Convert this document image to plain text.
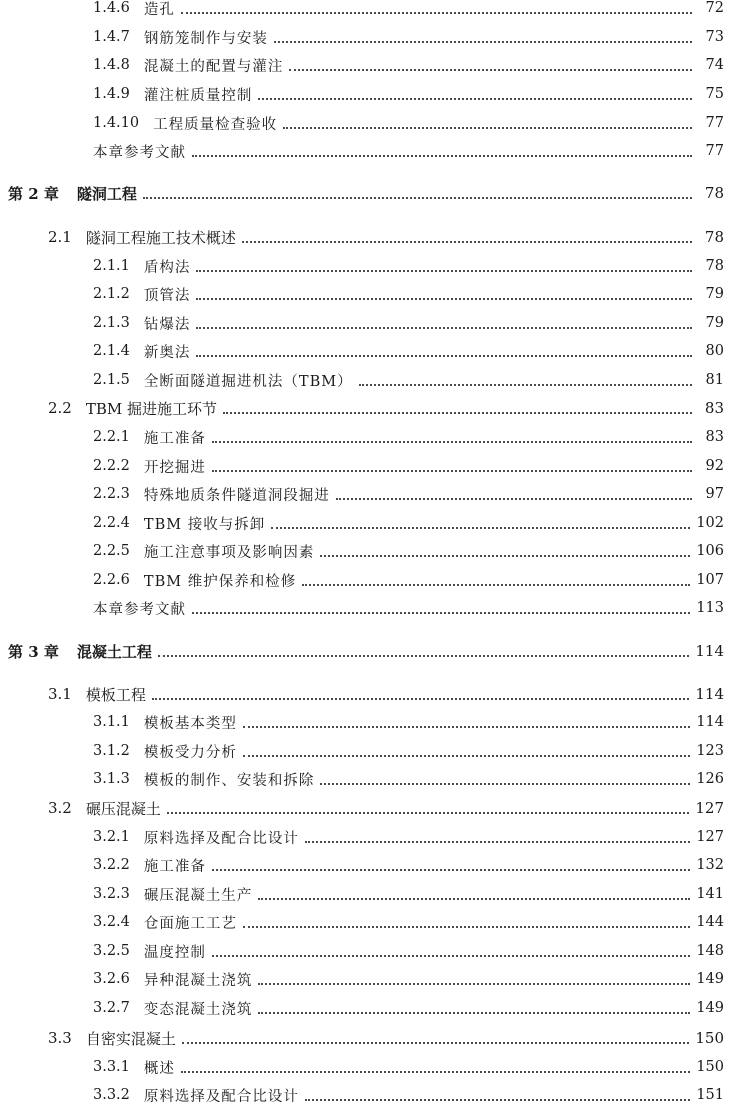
1.4.6 造孔	72
1.4.7 钢筋笼制作与安装	73
1.4.8 混凝土的配置与灌注	74
1.4.9 灌注桩质量控制	75
1.4.10 工程质量检查验收	77
本章参考文献	77
第 2 章 隧洞工程	78
2.1 隧洞工程施工技术概述	78
2.1.1 盾构法	78
2.1.2 顶管法	79
2.1.3 钻爆法	79
2.1.4 新奥法	80
2.1.5 全断面隧道掘进机法（TBM）	81
2.2 TBM 掘进施工环节	83
2.2.1 施工准备	83
2.2.2 开挖掘进	92
2.2.3 特殊地质条件隧道洞段掘进	97
2.2.4 TBM 接收与拆卸	102
2.2.5 施工注意事项及影响因素	106
2.2.6 TBM 维护保养和检修	107
本章参考文献	113
第 3 章 混凝土工程	114
3.1 模板工程	114
3.1.1 模板基本类型	114
3.1.2 模板受力分析	123
3.1.3 模板的制作、安装和拆除	126
3.2 碾压混凝土	127
3.2.1 原料选择及配合比设计	127
3.2.2 施工准备	132
3.2.3 碾压混凝土生产	141
3.2.4 仓面施工工艺	144
3.2.5 温度控制	148
3.2.6 异种混凝土浇筑	149
3.2.7 变态混凝土浇筑	149
3.3 自密实混凝土	150
3.3.1 概述	150
3.3.2 原料选择及配合比设计	151
